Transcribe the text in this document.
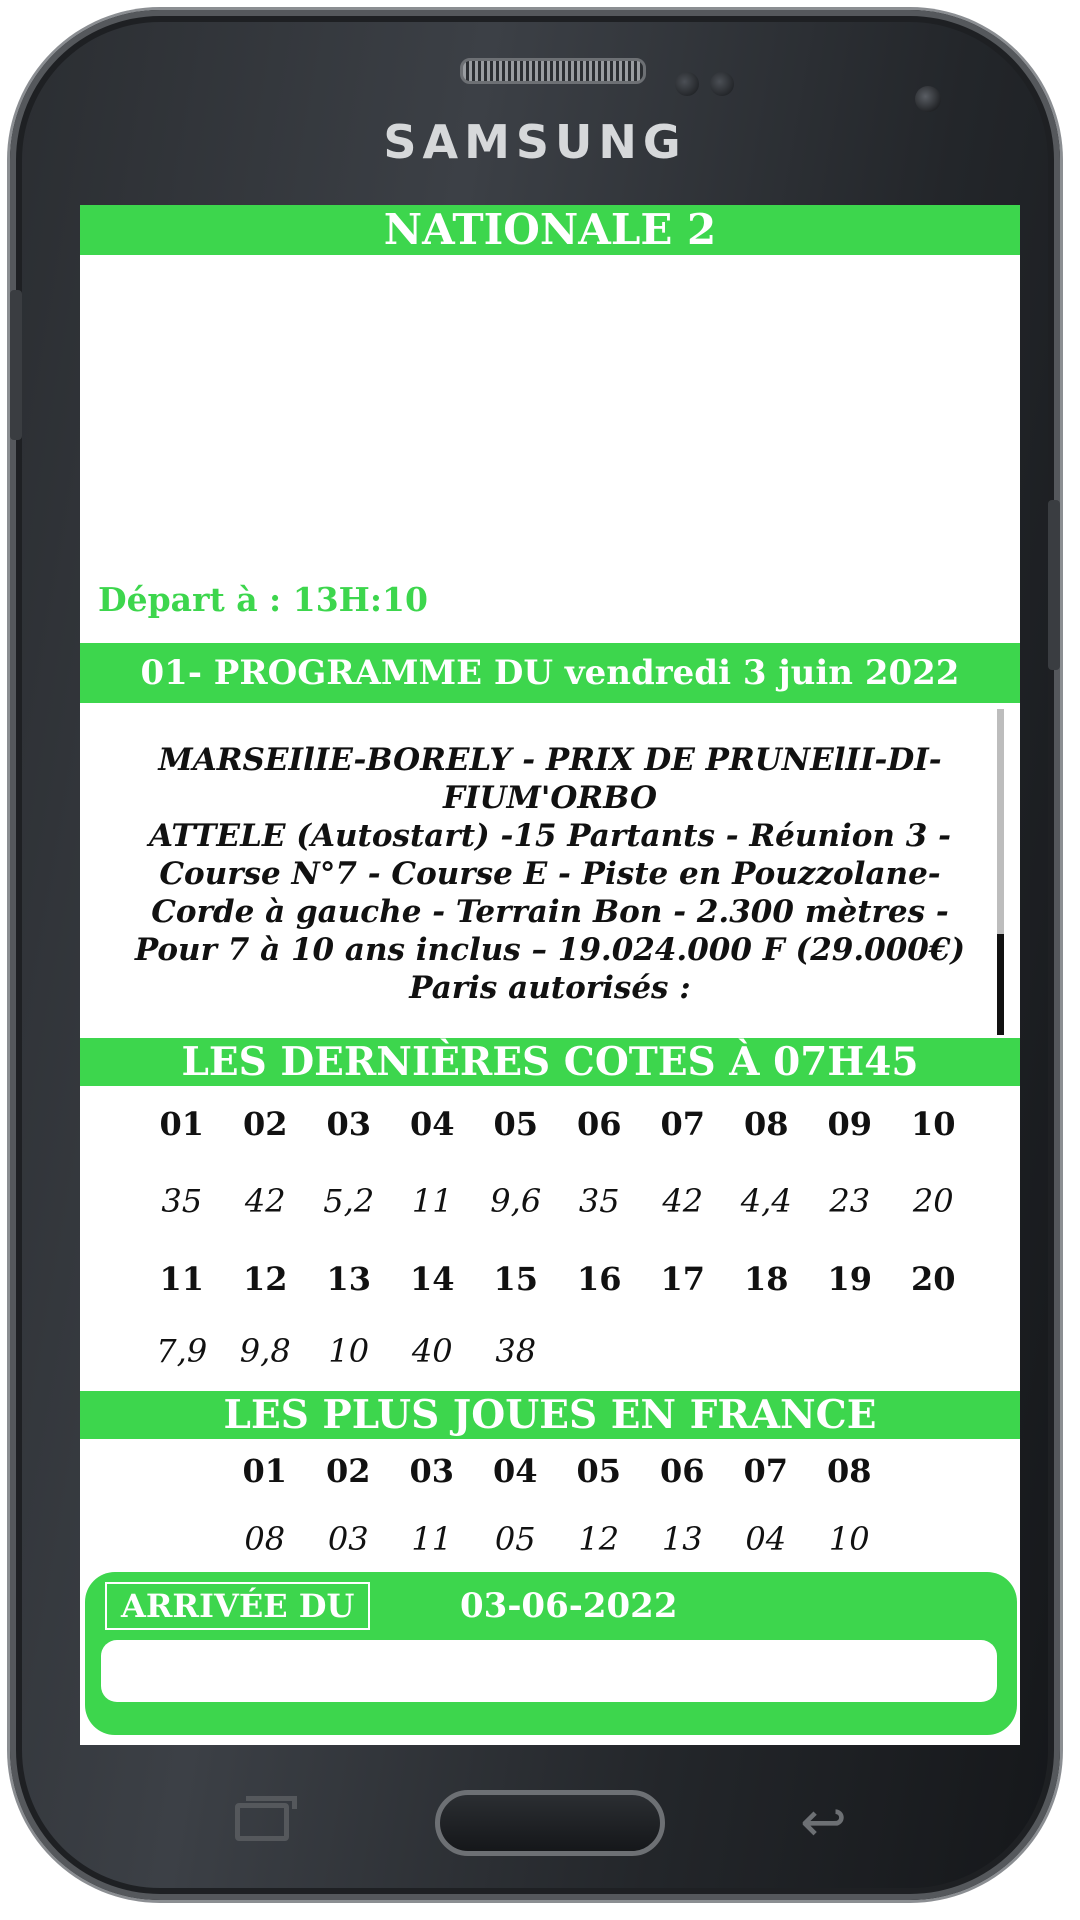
SAMSUNG
NATIONALE 2
Départ à : 13H:10
01- PROGRAMME DU vendredi 3 juin 2022
MARSEIlIE-BORELY - PRIX DE PRUNElII-DI-
FIUM'ORBO
ATTELE (Autostart) -15 Partants - Réunion 3 -
Course N°7 - Course E - Piste en Pouzzolane-
Corde à gauche - Terrain Bon - 2.300 mètres -
Pour 7 à 10 ans inclus – 19.024.000 F (29.000€)
Paris autorisés :
LES DERNIÈRES COTES À 07H45
01	02	03	04	05	06	07	08	09	10
35	42	5,2	11	9,6	35	42	4,4	23	20
11	12	13	14	15	16	17	18	19	20
7,9	9,8	10	40	38
LES PLUS JOUES EN FRANCE
01	02	03	04	05	06	07	08
08	03	11	05	12	13	04	10
ARRIVÉE DU	03-06-2022
↩
